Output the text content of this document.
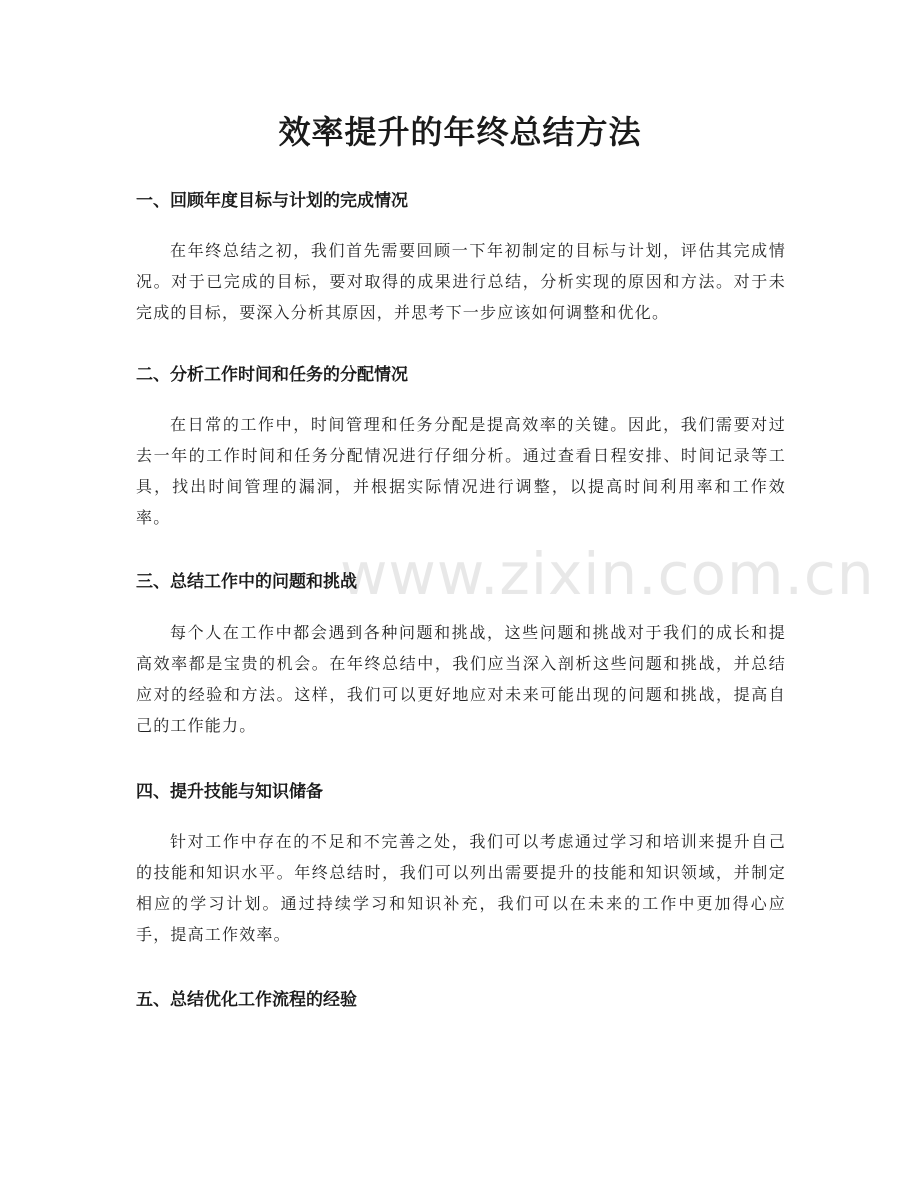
www.zixin.com.cn
效率提升的年终总结方法
一、回顾年度目标与计划的完成情况

在年终总结之初，我们首先需要回顾一下年初制定的目标与计划，评估其完成情况。对于已完成的目标，要对取得的成果进行总结，分析实现的原因和方法。对于未完成的目标，要深入分析其原因，并思考下一步应该如何调整和优化。

二、分析工作时间和任务的分配情况

在日常的工作中，时间管理和任务分配是提高效率的关键。因此，我们需要对过去一年的工作时间和任务分配情况进行仔细分析。通过查看日程安排、时间记录等工具，找出时间管理的漏洞，并根据实际情况进行调整，以提高时间利用率和工作效率。

三、总结工作中的问题和挑战

每个人在工作中都会遇到各种问题和挑战，这些问题和挑战对于我们的成长和提高效率都是宝贵的机会。在年终总结中，我们应当深入剖析这些问题和挑战，并总结应对的经验和方法。这样，我们可以更好地应对未来可能出现的问题和挑战，提高自己的工作能力。

四、提升技能与知识储备

针对工作中存在的不足和不完善之处，我们可以考虑通过学习和培训来提升自己的技能和知识水平。年终总结时，我们可以列出需要提升的技能和知识领域，并制定相应的学习计划。通过持续学习和知识补充，我们可以在未来的工作中更加得心应手，提高工作效率。

五、总结优化工作流程的经验
